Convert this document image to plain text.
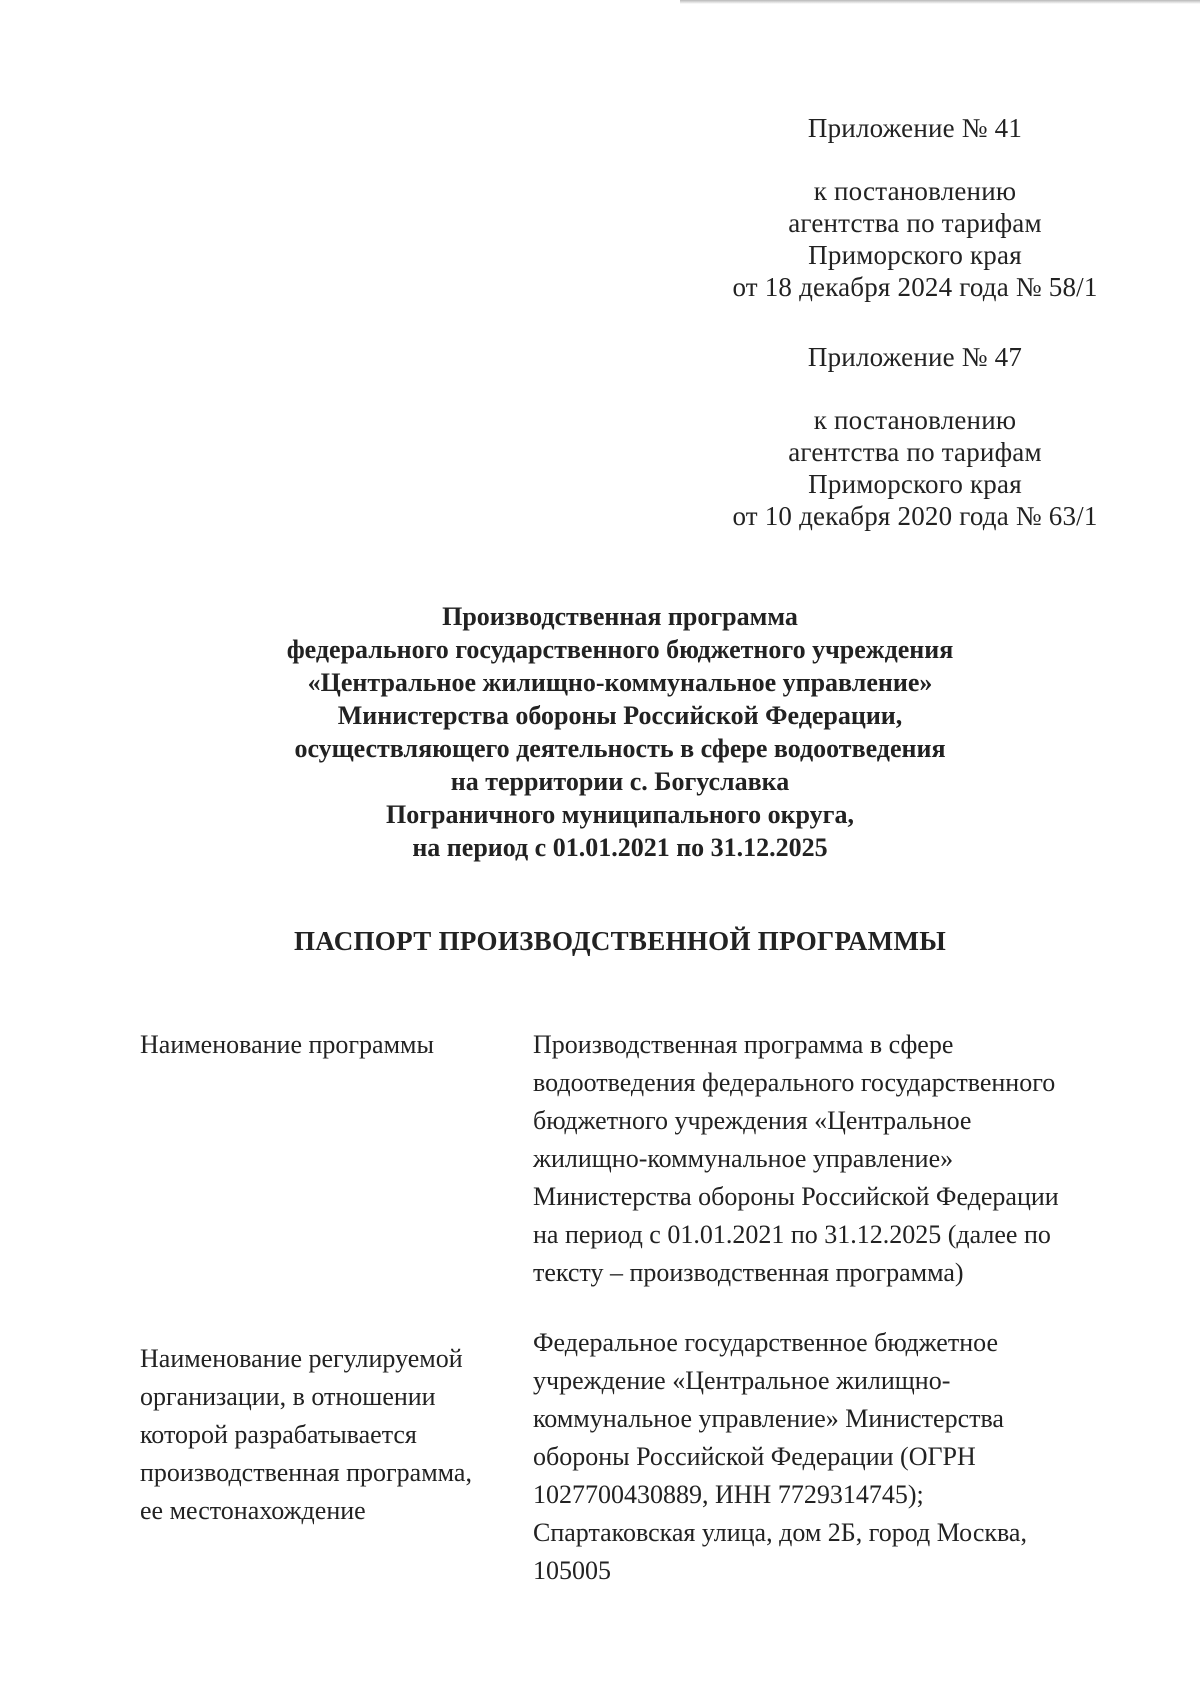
Приложение № 41
к постановлению
агентства по тарифам
Приморского края
от 18 декабря 2024 года № 58/1
Приложение № 47
к постановлению
агентства по тарифам
Приморского края
от 10 декабря 2020 года № 63/1
Производственная программа
федерального государственного бюджетного учреждения
«Центральное жилищно-коммунальное управление»
Министерства обороны Российской Федерации,
осуществляющего деятельность в сфере водоотведения
на территории с. Богуславка
Пограничного муниципального округа,
на период с 01.01.2021 по 31.12.2025
ПАСПОРТ ПРОИЗВОДСТВЕННОЙ ПРОГРАММЫ
Наименование программы	Производственная программа в сфере
водоотведения федерального государственного
бюджетного учреждения «Центральное
жилищно-коммунальное управление»
Министерства обороны Российской Федерации
на период с 01.01.2021 по 31.12.2025 (далее по
тексту – производственная программа)
Наименование регулируемой
организации, в отношении
которой разрабатывается
производственная программа,
ее местонахождение
Федеральное государственное бюджетное
учреждение «Центральное жилищно-
коммунальное управление» Министерства
обороны Российской Федерации (ОГРН
1027700430889, ИНН 7729314745);
Спартаковская улица, дом 2Б, город Москва,
105005
